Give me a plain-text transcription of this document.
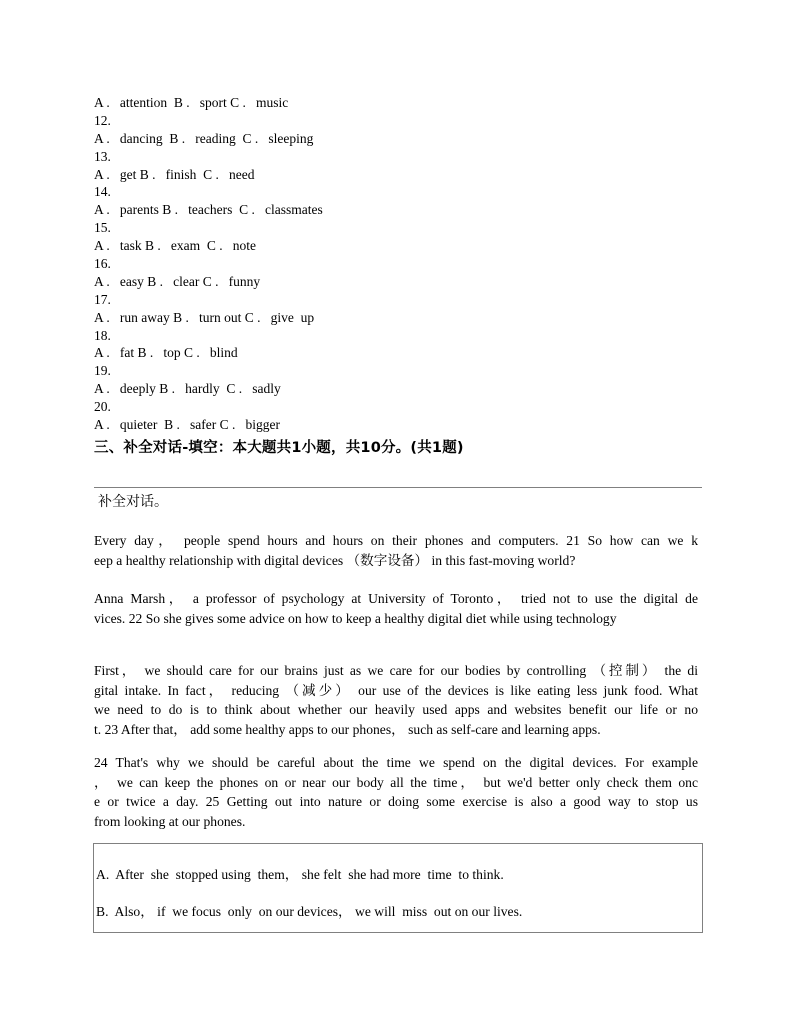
A .   attention  B .   sport C .   music
12.
A .   dancing  B .   reading  C .   sleeping
13.
A .   get B .   finish  C .   need
14.
A .   parents B .   teachers  C .   classmates
15.
A .   task B .   exam  C .   note
16.
A .   easy B .   clear C .   funny
17.
A .   run away B .   turn out C .   give  up
18.
A .   fat B .   top C .   blind
19.
A .   deeply B .   hardly  C .   sadly
20.
A .   quieter  B .   safer C .   bigger
三、补全对话-填空：本大题共1小题，共10分。(共1题)
补全对话。

Every day， people spend hours and hours on their phones and computers. 21 So how can we k

eep a healthy relationship with digital devices （数字设备） in this fast-moving world?

Anna Marsh， a professor of psychology at University of Toronto， tried not to use the digital de

vices. 22 So she gives some advice on how to keep a healthy digital diet while using technology

First， we should care for our brains just as we care for our bodies by controlling （控制） the di

gital intake. In fact， reducing （减少） our use of the devices is like eating less junk food. What

we need to do is to think about whether our heavily used apps and websites benefit our life or no

t. 23 After that， add some healthy apps to our phones， such as self-care and learning apps.

24 That's why we should be careful about the time we spend on the digital devices. For example

， we can keep the phones on or near our body all the time， but we'd better only check them onc

e or twice a day. 25 Getting out into nature or doing some exercise is also a good way to stop us

from looking at our phones.

A.  After  she  stopped using  them， she felt  she had more  time  to think.
B.  Also， if  we focus  only  on our devices， we will  miss  out on our lives.
